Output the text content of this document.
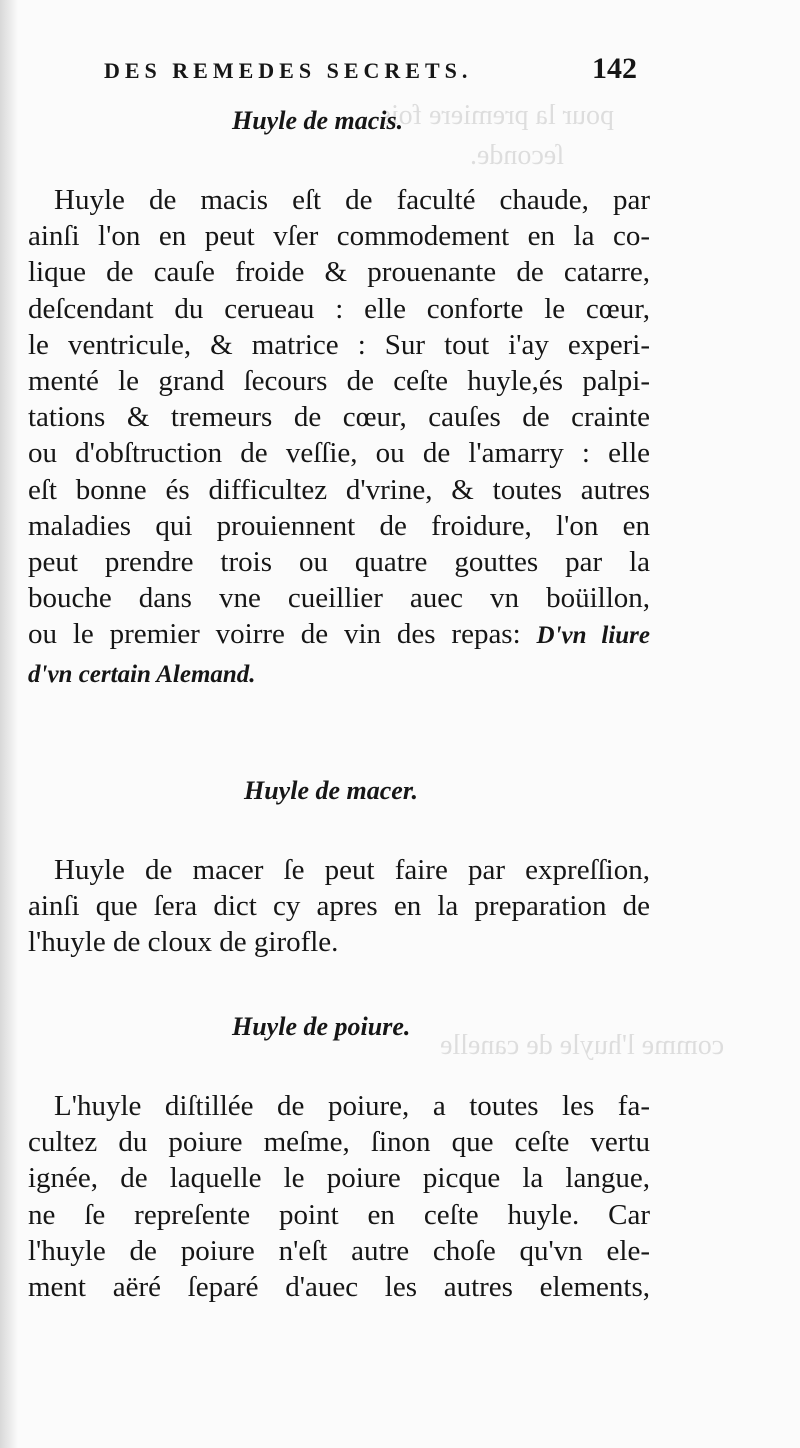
pour la premiere fois
ſeconde.
comme l'huyle de canelle
DES REMEDES SECRETS.	142
Huyle de macis.
Huyle de macis eſt de faculté chaude, par
ainſi l'on en peut vſer commodement en la co-
lique de cauſe froide & prouenante de catarre,
deſcendant du cerueau : elle conforte le cœur,
le ventricule, & matrice : Sur tout i'ay experi-
menté le grand ſecours de ceſte huyle,és palpi-
tations & tremeurs de cœur, cauſes de crainte
ou d'obſtruction de veſſie, ou de l'amarry : elle
eſt bonne és difficultez d'vrine, & toutes autres
maladies qui prouiennent de froidure, l'on en
peut prendre trois ou quatre gouttes par la
bouche dans vne cueillier auec vn boüillon,
ou le premier voirre de vin des repas: D'vn liure
d'vn certain Alemand.
Huyle de macer.
Huyle de macer ſe peut faire par expreſſion,
ainſi que ſera dict cy apres en la preparation de
l'huyle de cloux de girofle.
Huyle de poiure.
L'huyle diſtillée de poiure, a toutes les fa-
cultez du poiure meſme, ſinon que ceſte vertu
ignée, de laquelle le poiure picque la langue,
ne ſe repreſente point en ceſte huyle. Car
l'huyle de poiure n'eſt autre choſe qu'vn ele-
ment aëré ſeparé d'auec les autres elements,
